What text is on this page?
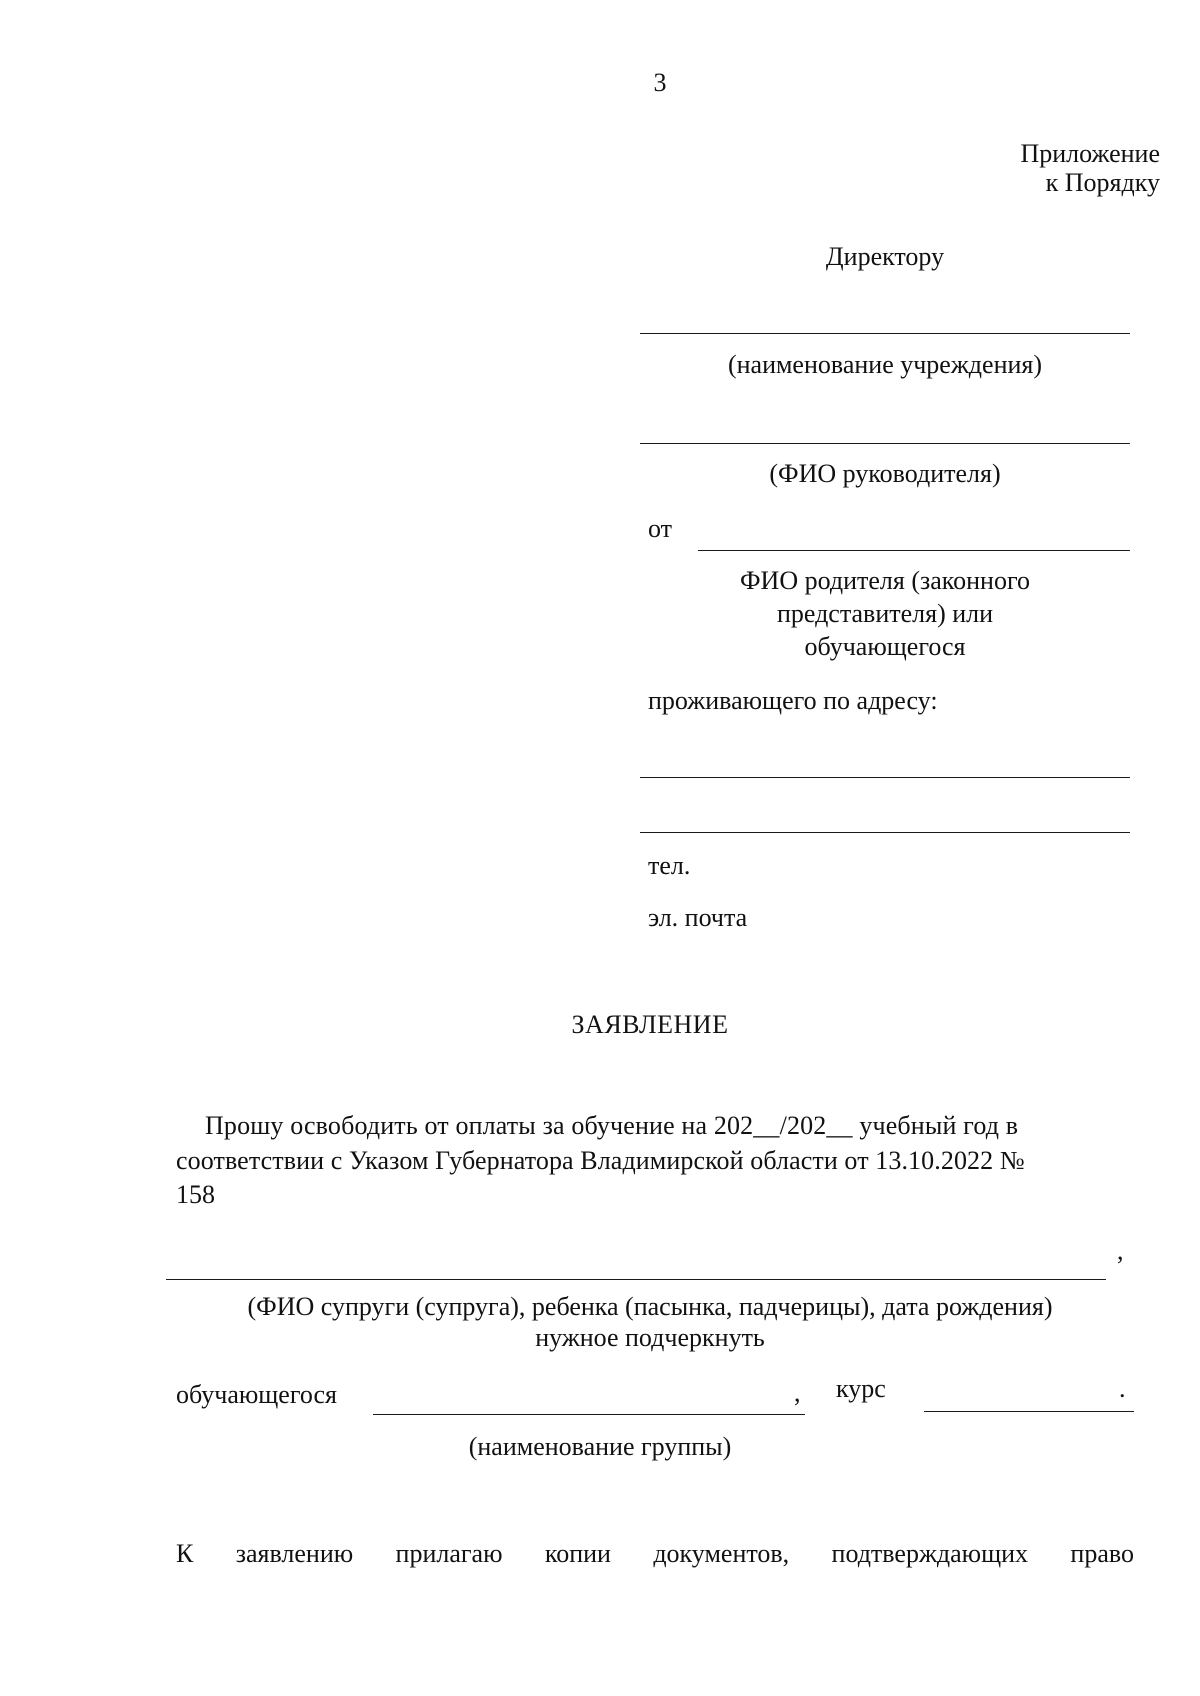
3
Приложение
к Порядку
Директору
(наименование учреждения)
(ФИО руководителя)
от
ФИО родителя (законного
представителя) или
обучающегося
проживающего по адресу:
тел.
эл. почта
ЗАЯВЛЕНИЕ
Прошу освободить от оплаты за обучение на 202__/202__ учебный год в
соответствии с Указом Губернатора Владимирской области от 13.10.2022 №
158
,
(ФИО супруги (супруга), ребенка (пасынка, падчерицы), дата рождения)
нужное подчеркнуть
обучающегося	, курс	.
(наименование группы)
К заявлению прилагаю копии документов, подтверждающих право
